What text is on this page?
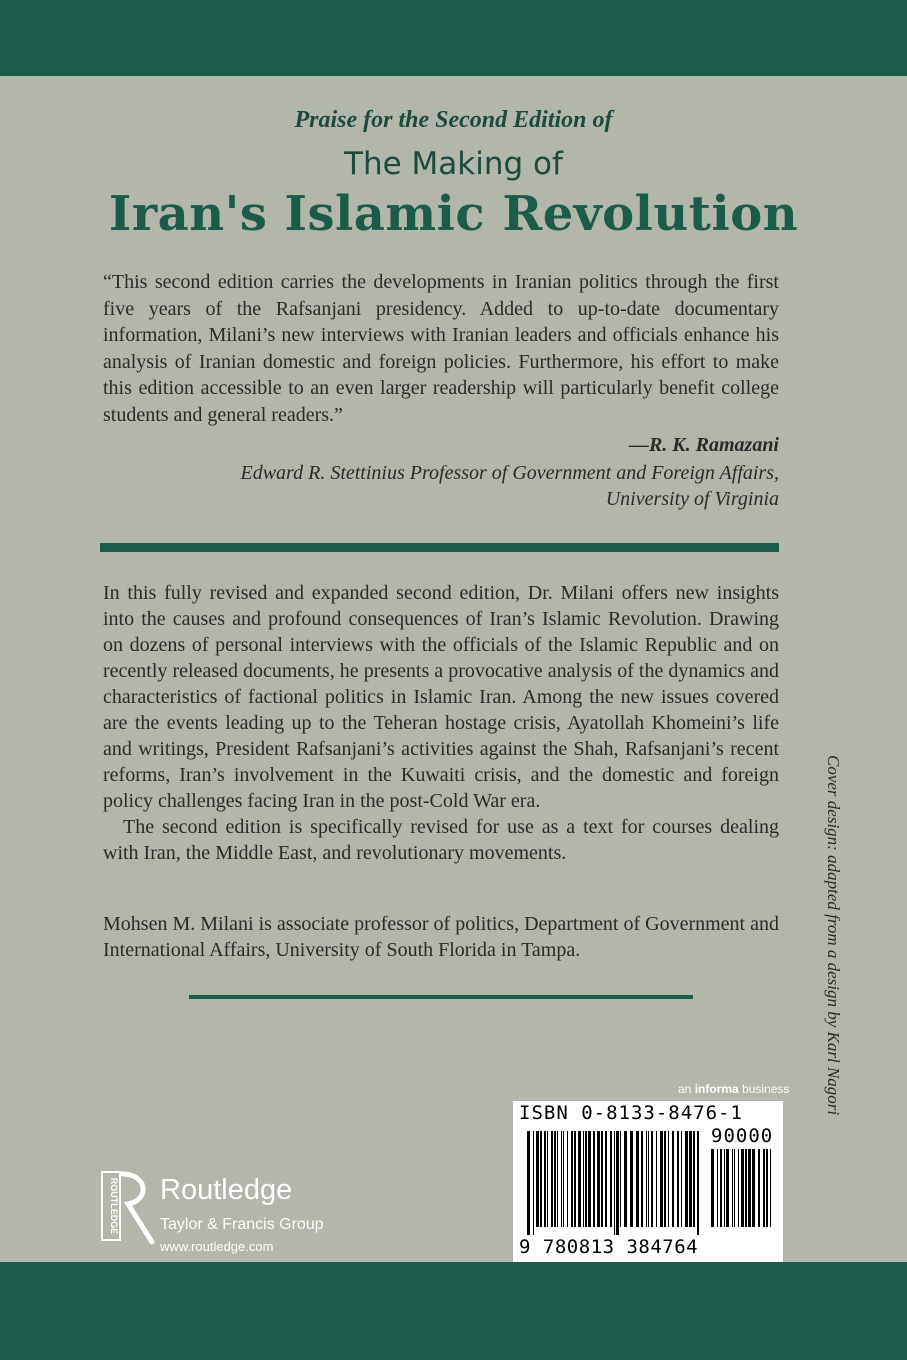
Praise for the Second Edition of
The Making of
Iran's Islamic Revolution
“This second edition carries the developments in Iranian politics through the first five years of the Rafsanjani presidency. Added to up-to-date documentary information, Milani’s new interviews with Iranian leaders and officials enhance his analysis of Iranian domestic and foreign policies. Furthermore, his effort to make this edition accessible to an even larger readership will particularly benefit college students and general readers.”
—R. K. Ramazani
Edward R. Stettinius Professor of Government and Foreign Affairs,
University of Virginia

In this fully revised and expanded second edition, Dr. Milani offers new insights into the causes and profound consequences of Iran’s Islamic Revolution. Drawing on dozens of personal interviews with the officials of the Islamic Republic and on recently released documents, he presents a provocative analysis of the dynamics and characteristics of factional politics in Islamic Iran. Among the new issues covered are the events leading up to the Teheran hostage crisis, Ayatollah Khomeini’s life and writings, President Rafsanjani’s activities against the Shah, Rafsanjani’s recent reforms, Iran’s involvement in the Kuwaiti crisis, and the domestic and foreign policy challenges facing Iran in the post-Cold War era.

The second edition is specifically revised for use as a text for courses dealing with Iran, the Middle East, and revolutionary movements.

Mohsen M. Milani is associate professor of politics, Department of Government and International Affairs, University of South Florida in Tampa.	Cover design: adapted from a design by Karl Nagori
an informa business
ISBN 0-8133-8476-1
90000
9 780813 384764
ROUTLEDGE Routledge
Taylor & Francis Group
www.routledge.com
